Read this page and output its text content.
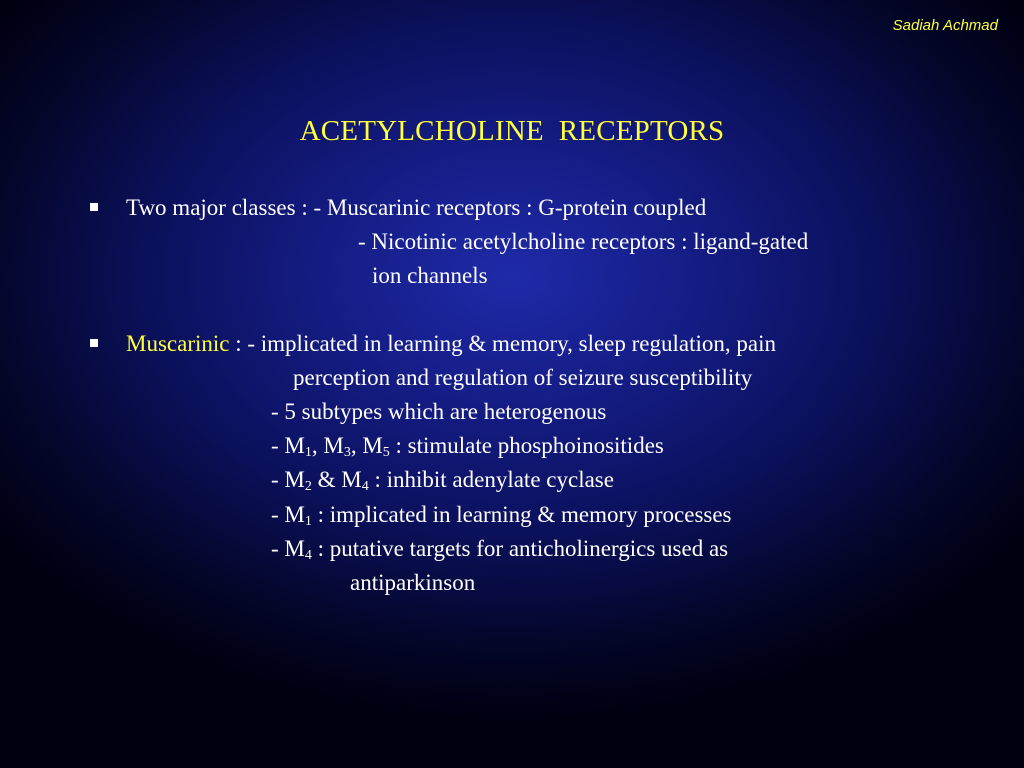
Sadiah Achmad
ACETYLCHOLINE  RECEPTORS
Two major classes : - Muscarinic receptors : G-protein coupled
- Nicotinic acetylcholine receptors : ligand-gated
ion channels
Muscarinic : - implicated in learning & memory, sleep regulation, pain
perception and regulation of seizure susceptibility
- 5 subtypes which are heterogenous
- $M_1$, $M_3$, $M_5$ : stimulate phosphoinositides
- $M_2$ & $M_4$ : inhibit adenylate cyclase
- $M_1$ : implicated in learning & memory processes
- $M_4$ : putative targets for anticholinergics used as
antiparkinson
